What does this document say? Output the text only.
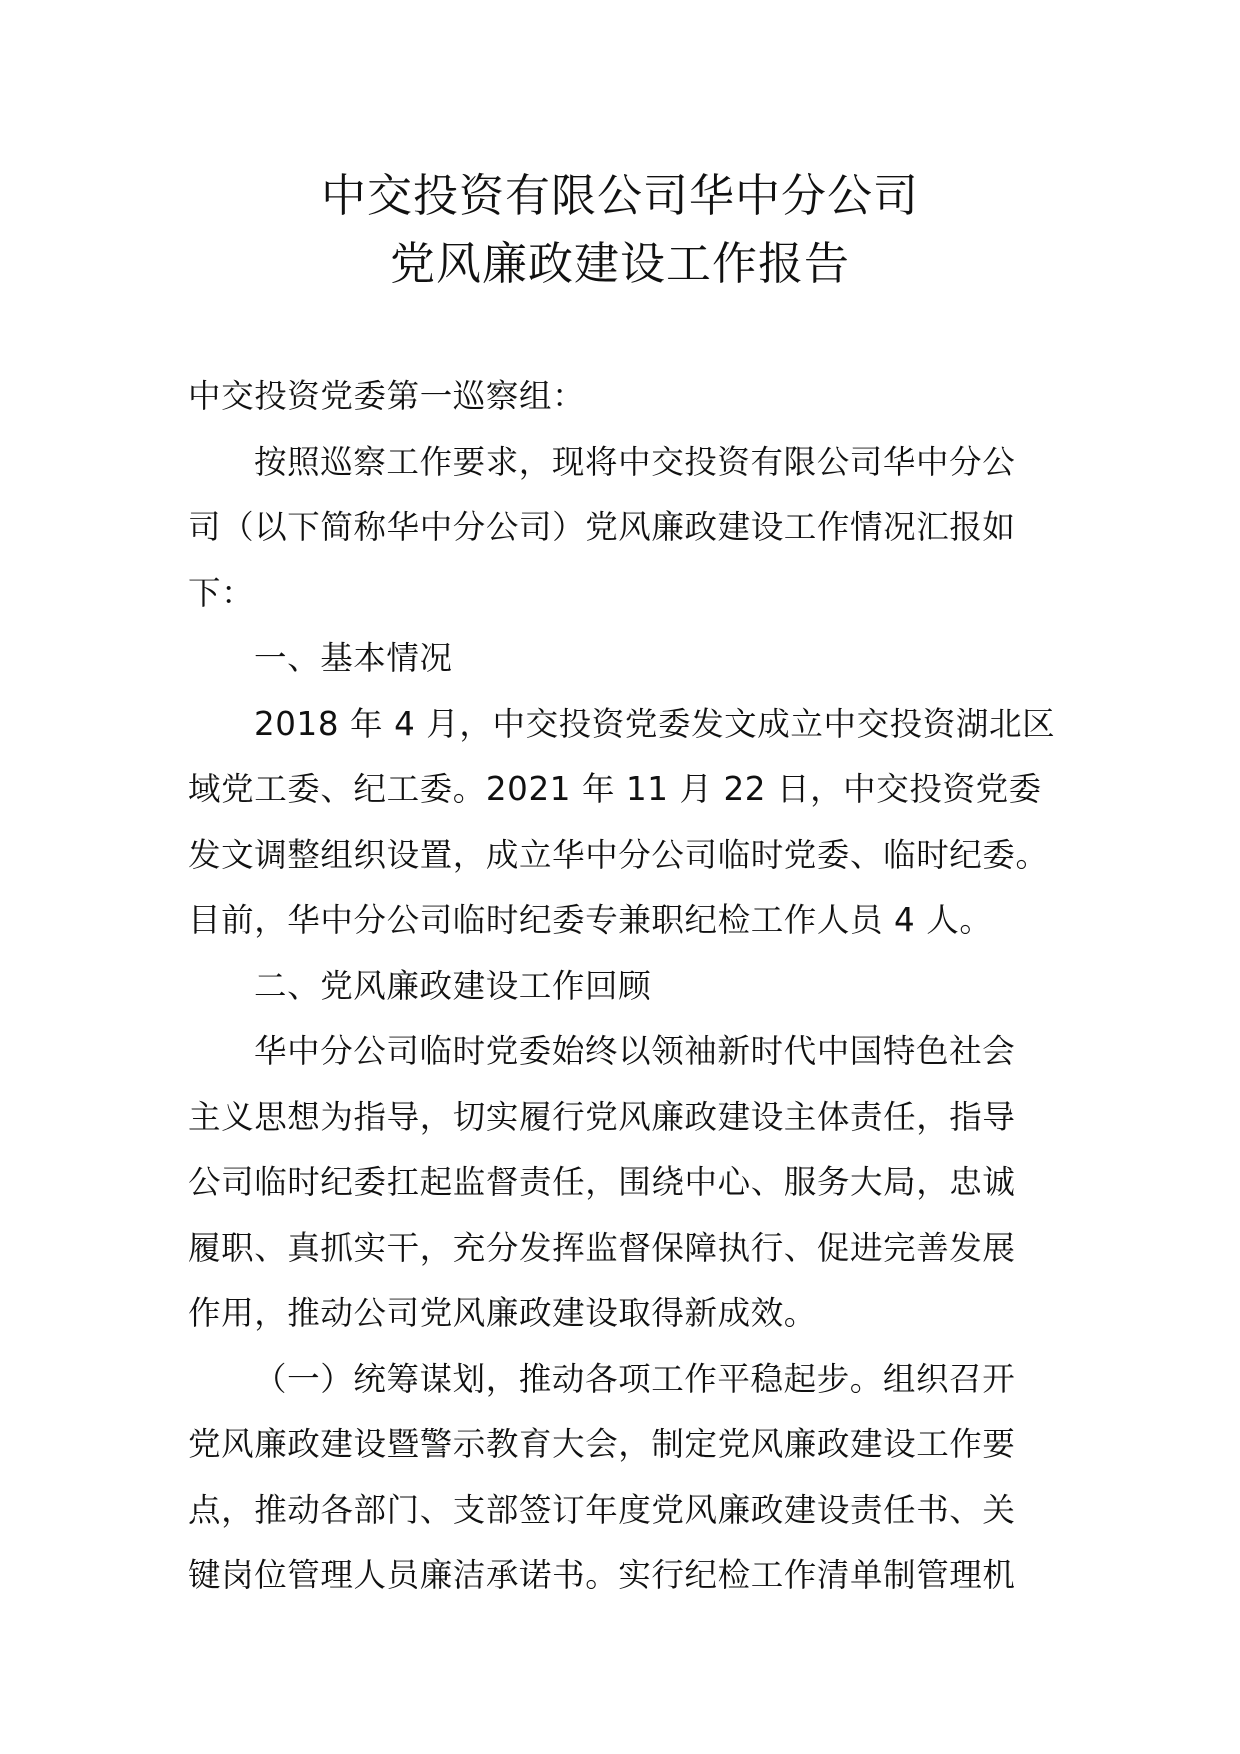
中交投资有限公司华中分公司
党风廉政建设工作报告
中交投资党委第一巡察组：
按照巡察工作要求，现将中交投资有限公司华中分公
司（以下简称华中分公司）党风廉政建设工作情况汇报如
下：
一、基本情况
2018 年 4 月，中交投资党委发文成立中交投资湖北区
域党工委、纪工委。2021 年 11 月 22 日，中交投资党委
发文调整组织设置，成立华中分公司临时党委、临时纪委。
目前，华中分公司临时纪委专兼职纪检工作人员 4 人。
二、党风廉政建设工作回顾
华中分公司临时党委始终以领袖新时代中国特色社会
主义思想为指导，切实履行党风廉政建设主体责任，指导
公司临时纪委扛起监督责任，围绕中心、服务大局，忠诚
履职、真抓实干，充分发挥监督保障执行、促进完善发展
作用，推动公司党风廉政建设取得新成效。
（一）统筹谋划，推动各项工作平稳起步。组织召开
党风廉政建设暨警示教育大会，制定党风廉政建设工作要
点，推动各部门、支部签订年度党风廉政建设责任书、关
键岗位管理人员廉洁承诺书。实行纪检工作清单制管理机
